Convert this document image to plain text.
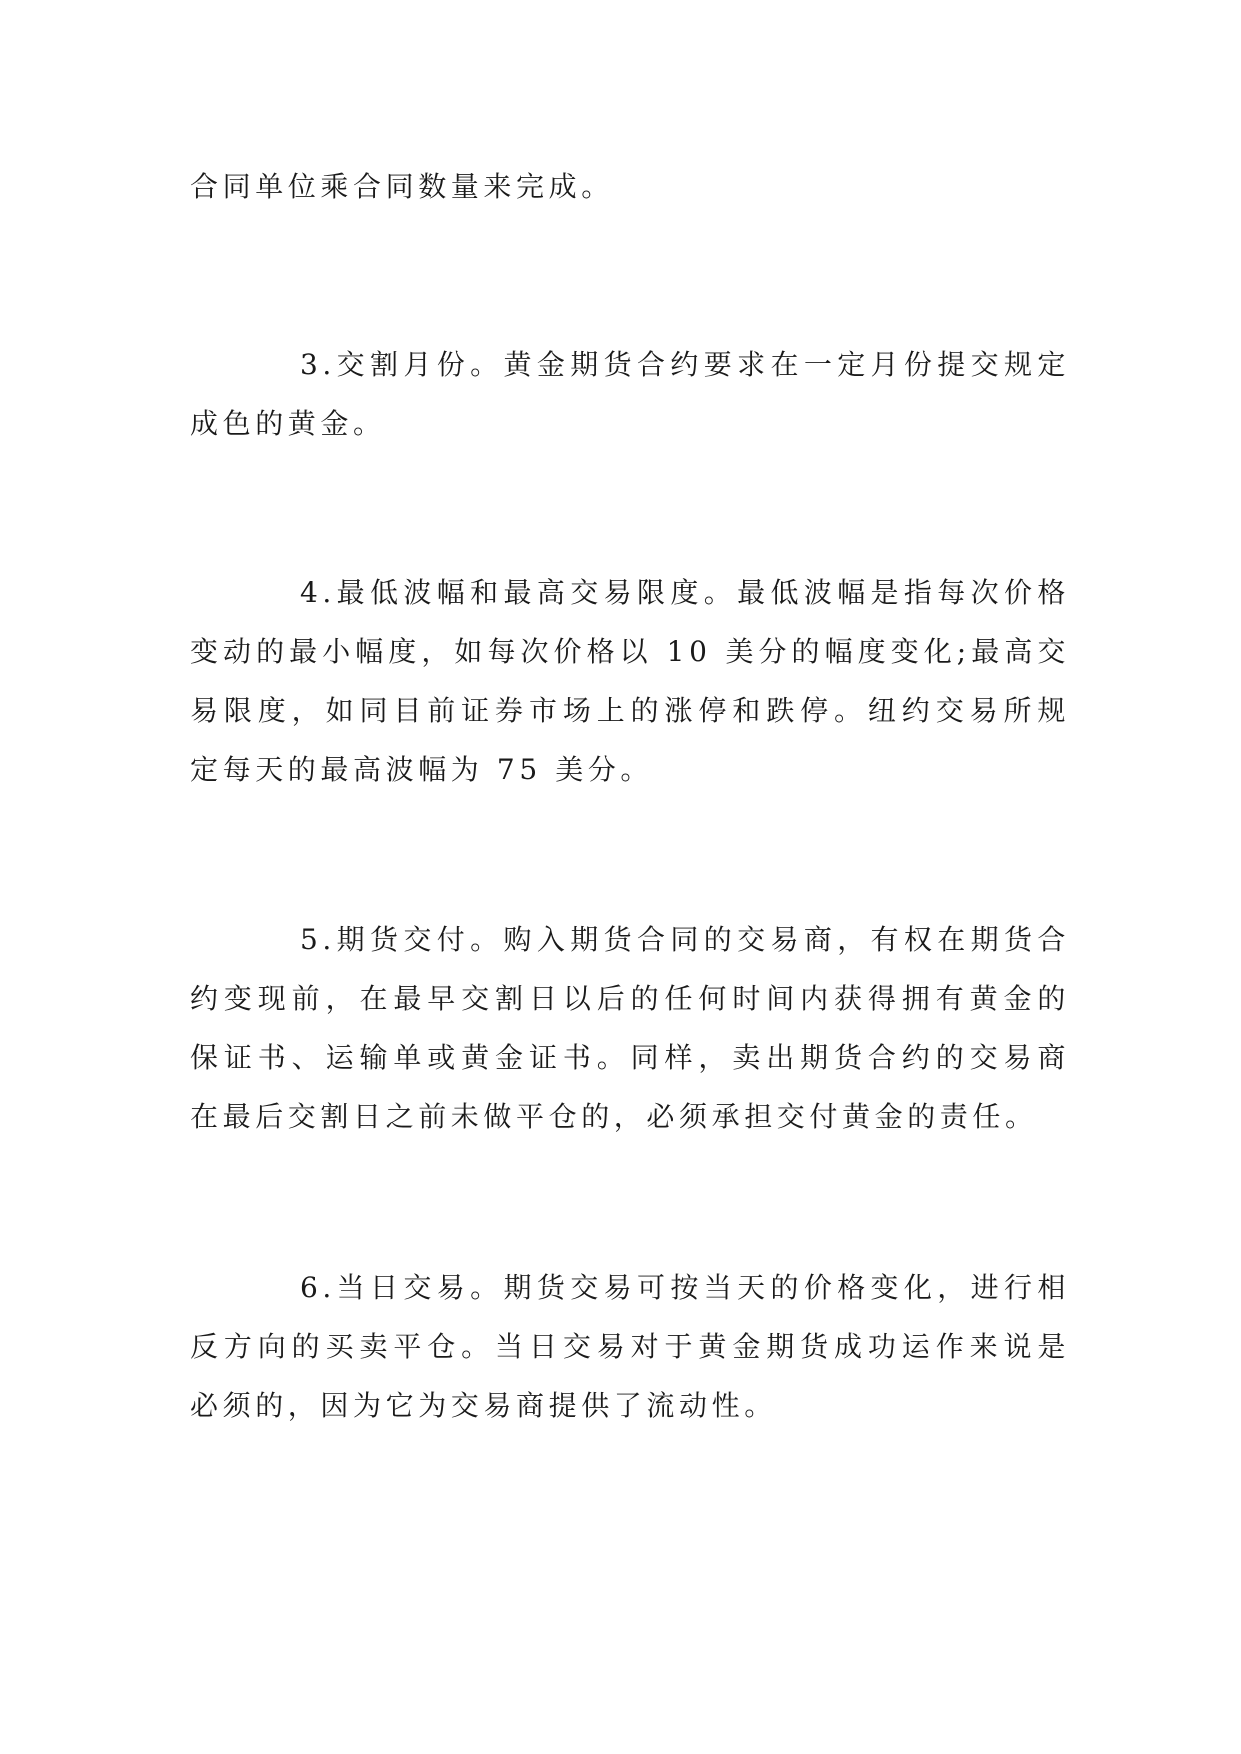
合同单位乘合同数量来完成。

3.交割月份。黄金期货合约要求在一定月份提交规定成色的黄金。

4.最低波幅和最高交易限度。最低波幅是指每次价格变动的最小幅度，如每次价格以 10 美分的幅度变化;最高交易限度，如同目前证券市场上的涨停和跌停。纽约交易所规定每天的最高波幅为 75 美分。

5.期货交付。购入期货合同的交易商，有权在期货合约变现前，在最早交割日以后的任何时间内获得拥有黄金的保证书、运输单或黄金证书。同样，卖出期货合约的交易商在最后交割日之前未做平仓的，必须承担交付黄金的责任。

6.当日交易。期货交易可按当天的价格变化，进行相反方向的买卖平仓。当日交易对于黄金期货成功运作来说是必须的，因为它为交易商提供了流动性。
